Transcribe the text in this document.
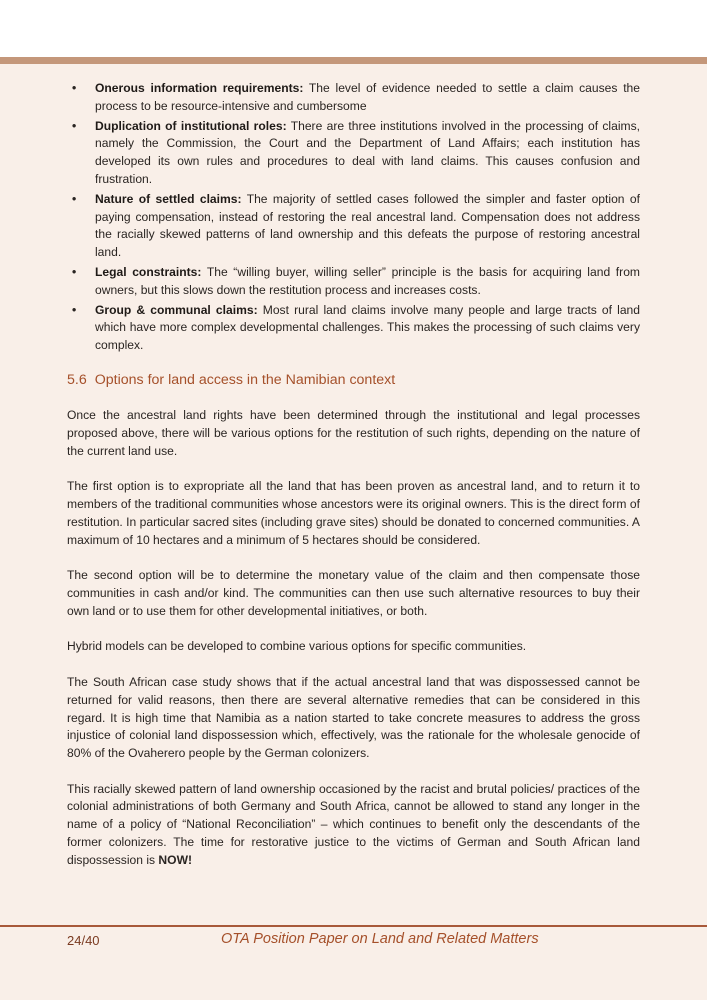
• Onerous information requirements: The level of evidence needed to settle a claim causes the process to be resource-intensive and cumbersome
• Duplication of institutional roles: There are three institutions involved in the processing of claims, namely the Commission, the Court and the Department of Land Affairs; each institution has developed its own rules and procedures to deal with land claims. This causes confusion and frustration.
• Nature of settled claims: The majority of settled cases followed the simpler and faster option of paying compensation, instead of restoring the real ancestral land. Compensation does not address the racially skewed patterns of land ownership and this defeats the purpose of restoring ancestral land.
• Legal constraints: The “willing buyer, willing seller” principle is the basis for acquiring land from owners, but this slows down the restitution process and increases costs.
• Group & communal claims: Most rural land claims involve many people and large tracts of land which have more complex developmental challenges. This makes the processing of such claims very complex.
5.6 Options for land access in the Namibian context

Once the ancestral land rights have been determined through the institutional and legal processes proposed above, there will be various options for the restitution of such rights, depending on the nature of the current land use.

The first option is to expropriate all the land that has been proven as ancestral land, and to return it to members of the traditional communities whose ancestors were its original owners. This is the direct form of restitution. In particular sacred sites (including grave sites) should be donated to concerned communities. A maximum of 10 hectares and a minimum of 5 hectares should be considered.

The second option will be to determine the monetary value of the claim and then compensate those communities in cash and/or kind. The communities can then use such alternative resources to buy their own land or to use them for other developmental initiatives, or both.

Hybrid models can be developed to combine various options for specific communities.

The South African case study shows that if the actual ancestral land that was dispossessed cannot be returned for valid reasons, then there are several alternative remedies that can be considered in this regard. It is high time that Namibia as a nation started to take concrete measures to address the gross injustice of colonial land dispossession which, effectively, was the rationale for the wholesale genocide of 80% of the Ovaherero people by the German colonizers.

This racially skewed pattern of land ownership occasioned by the racist and brutal policies/ practices of the colonial administrations of both Germany and South Africa, cannot be allowed to stand any longer in the name of a policy of “National Reconciliation” – which continues to benefit only the descendants of the former colonizers. The time for restorative justice to the victims of German and South African land dispossession is NOW!

24/40	OTA Position Paper on Land and Related Matters
